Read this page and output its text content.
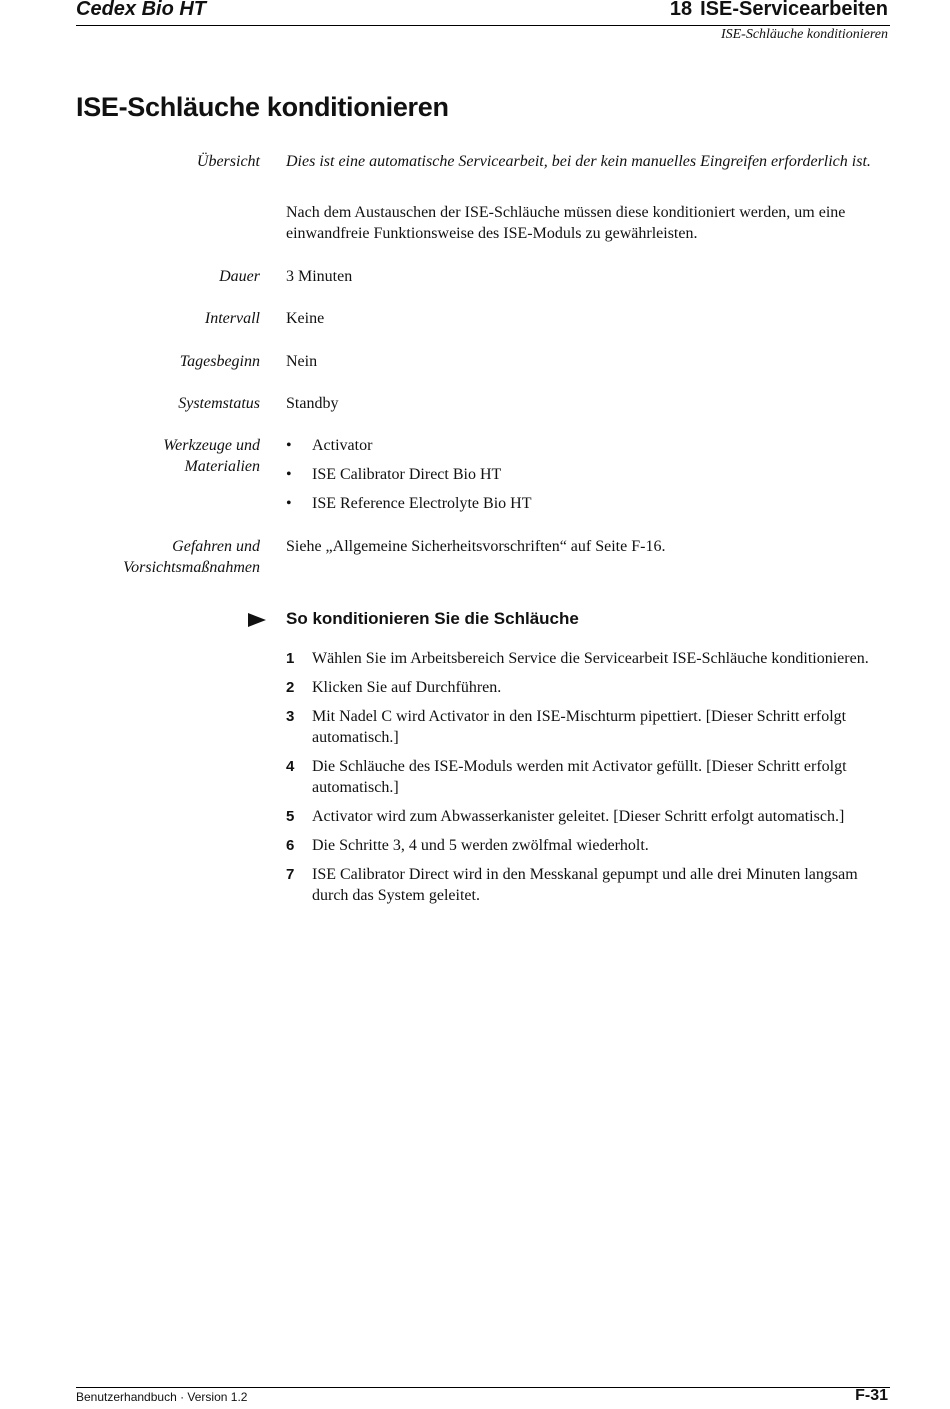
Cedex Bio HT	18 ISE-Servicearbeiten
ISE-Schläuche konditionieren
ISE-Schläuche konditionieren
Übersicht Dies ist eine automatische Servicearbeit, bei der kein manuelles Eingreifen erforderlich ist.
Nach dem Austauschen der ISE-Schläuche müssen diese konditioniert werden, um eine einwandfreie Funktionsweise des ISE-Moduls zu gewährleisten.
Dauer 3 Minuten
Intervall Keine
Tagesbeginn Nein
Systemstatus Standby
Werkzeuge und
Materialien
• Activator
• ISE Calibrator Direct Bio HT
• ISE Reference Electrolyte Bio HT
Gefahren und
Vorsichtsmaßnahmen
Siehe „Allgemeine Sicherheitsvorschriften“ auf Seite F-16.
So konditionieren Sie die Schläuche
1 Wählen Sie im Arbeitsbereich Service die Servicearbeit ISE-Schläuche konditionieren.
2 Klicken Sie auf Durchführen.
3 Mit Nadel C wird Activator in den ISE-Mischturm pipettiert. [Dieser Schritt erfolgt automatisch.]
4 Die Schläuche des ISE-Moduls werden mit Activator gefüllt. [Dieser Schritt erfolgt automatisch.]
5 Activator wird zum Abwasserkanister geleitet. [Dieser Schritt erfolgt automatisch.]
6 Die Schritte 3, 4 und 5 werden zwölfmal wiederholt.
7 ISE Calibrator Direct wird in den Messkanal gepumpt und alle drei Minuten langsam durch das System geleitet.
Benutzerhandbuch · Version 1.2	F-31
